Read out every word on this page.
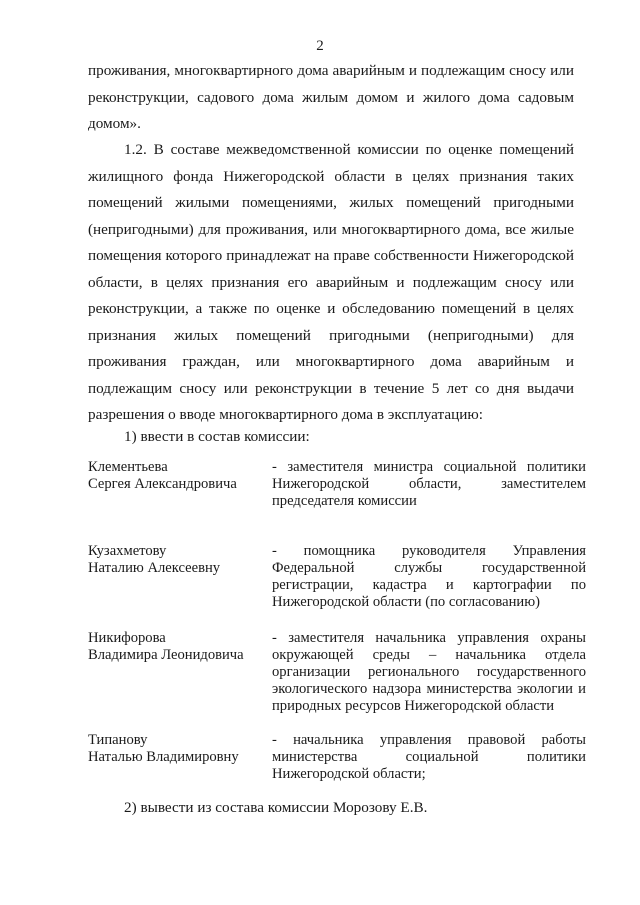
2

проживания, многоквартирного дома аварийным и подлежащим сносу или реконструкции, садового дома жилым домом и жилого дома садовым домом».

1.2. В составе межведомственной комиссии по оценке помещений жилищного фонда Нижегородской области в целях признания таких помещений жилыми помещениями, жилых помещений пригодными (непригодными) для проживания, или многоквартирного дома, все жилые помещения которого принадлежат на праве собственности Нижегородской области, в целях признания его аварийным и подлежащим сносу или реконструкции, а также по оценке и обследованию помещений в целях признания жилых помещений пригодными (непригодными) для проживания граждан, или многоквартирного дома аварийным и подлежащим сносу или реконструкции в течение 5 лет со дня выдачи разрешения о вводе многоквартирного дома в эксплуатацию:

1) ввести в состав комиссии:

Клементьева
Сергея Александровича
- заместителя министра социальной политики Нижегородской области, заместителем председателя комиссии
Кузахметову
Наталию Алексеевну
- помощника руководителя Управления Федеральной службы государственной регистрации, кадастра и картографии по Нижегородской области (по согласованию)
Никифорова
Владимира Леонидовича
- заместителя начальника управления охраны окружающей среды – начальника отдела организации регионального государственного экологического надзора министерства экологии и природных ресурсов Нижегородской области
Типанову
Наталью Владимировну
- начальника управления правовой работы министерства социальной политики Нижегородской области;

2) вывести из состава комиссии Морозову Е.В.
